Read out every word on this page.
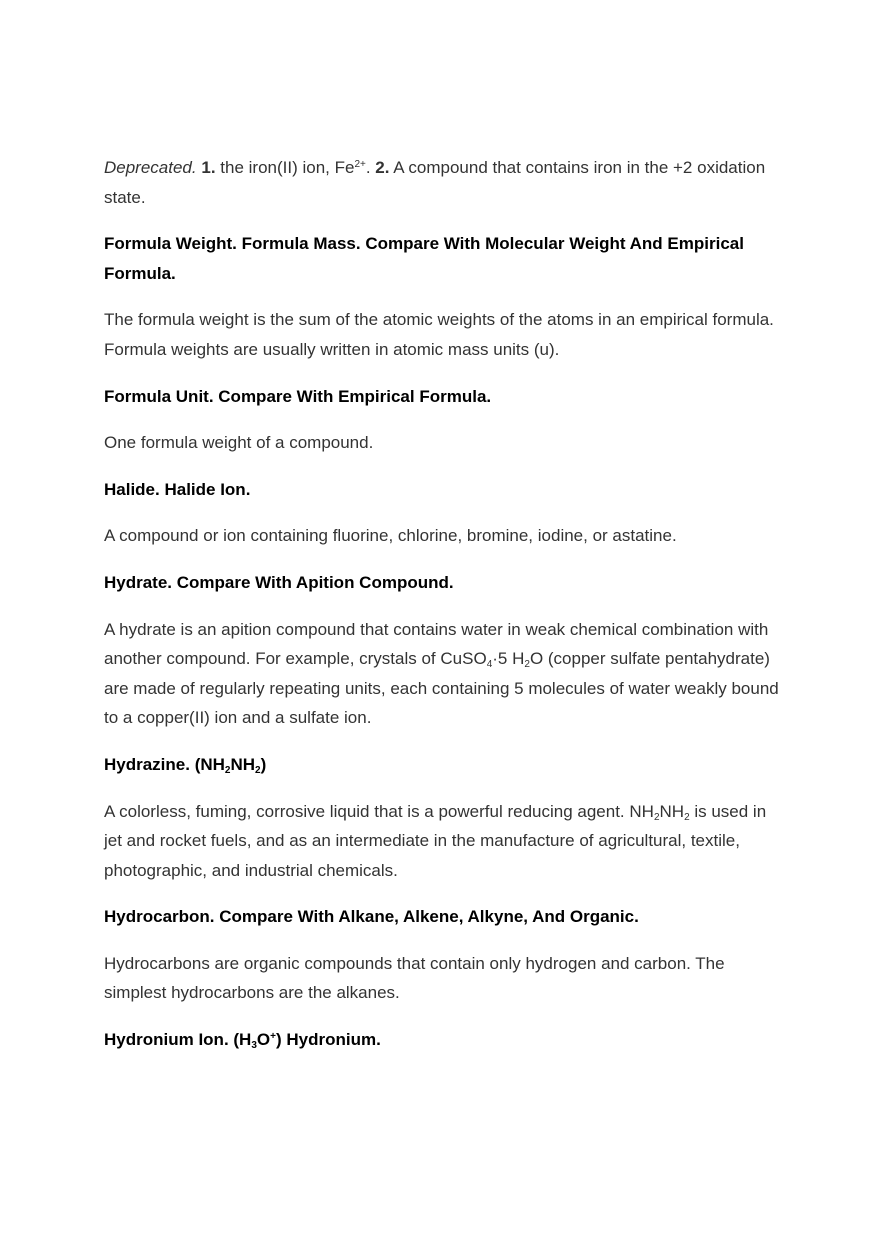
Deprecated. 1. the iron(II) ion, $Fe^{2+}$. 2. A compound that contains iron in the +2 oxidation state.

Formula Weight. Formula Mass. Compare With Molecular Weight And Empirical Formula.

The formula weight is the sum of the atomic weights of the atoms in an empirical formula. Formula weights are usually written in atomic mass units (u).

Formula Unit. Compare With Empirical Formula.

One formula weight of a compound.

Halide. Halide Ion.

A compound or ion containing fluorine, chlorine, bromine, iodine, or astatine.

Hydrate. Compare With Apition Compound.

A hydrate is an apition compound that contains water in weak chemical combination with another compound. For example, crystals of CuSO$_4$·5 $H_2O$ (copper sulfate pentahydrate) are made of regularly repeating units, each containing 5 molecules of water weakly bound to a copper(II) ion and a sulfate ion.

Hydrazine. $(NH_2NH_2)$

A colorless, fuming, corrosive liquid that is a powerful reducing agent. $NH_2NH_2$ is used in jet and rocket fuels, and as an intermediate in the manufacture of agricultural, textile, photographic, and industrial chemicals.

Hydrocarbon. Compare With Alkane, Alkene, Alkyne, And Organic.

Hydrocarbons are organic compounds that contain only hydrogen and carbon. The simplest hydrocarbons are the alkanes.

Hydronium Ion. $(H_3O^+)$ Hydronium.
